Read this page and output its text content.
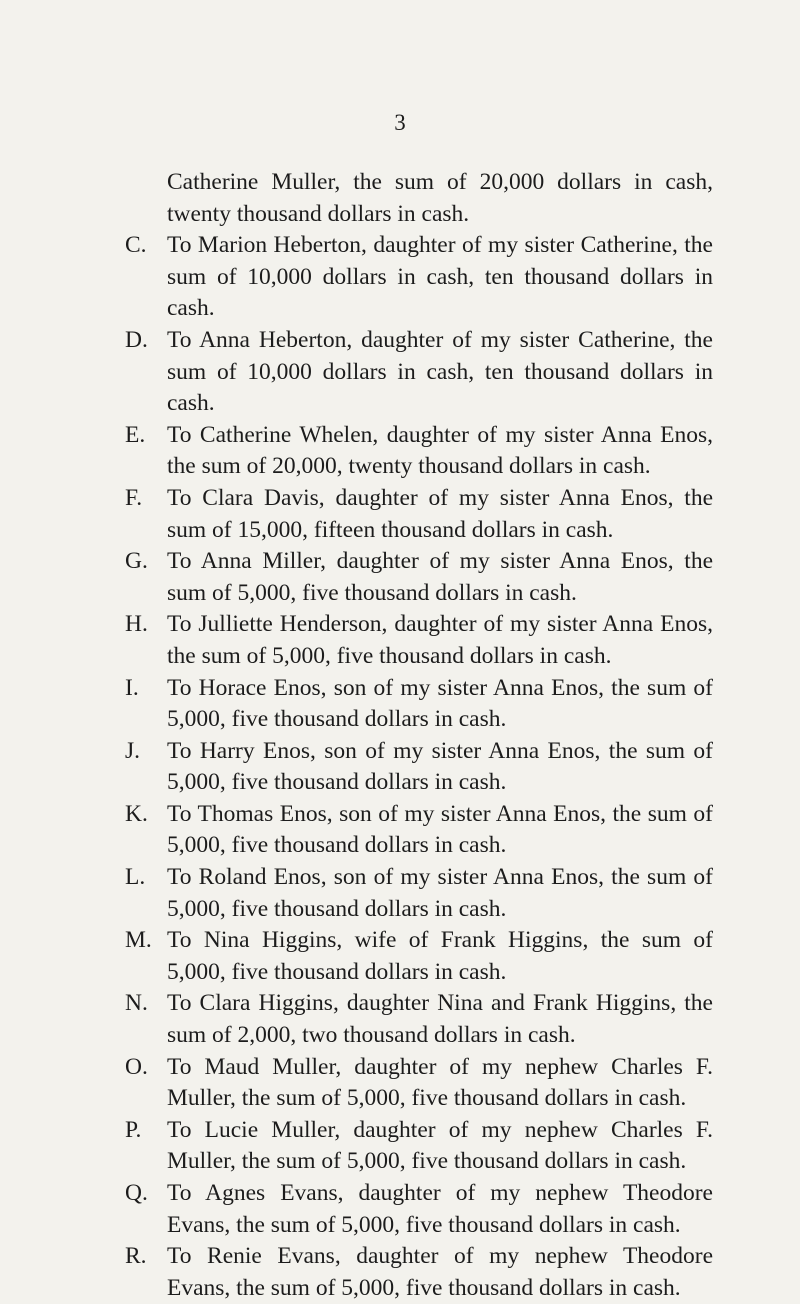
3

Catherine Muller, the sum of 20,000 dollars in cash, twenty thousand dollars in cash.

C. To Marion Heberton, daughter of my sister Catherine, the sum of 10,000 dollars in cash, ten thousand dollars in cash.
D. To Anna Heberton, daughter of my sister Catherine, the sum of 10,000 dollars in cash, ten thousand dollars in cash.
E. To Catherine Whelen, daughter of my sister Anna Enos, the sum of 20,000, twenty thousand dollars in cash.
F.	To Clara Davis, daughter of my sister Anna Enos, the sum of 15,000, fifteen thousand dollars in cash.
G. To Anna Miller, daughter of my sister Anna Enos, the sum of 5,000, five thousand dollars in cash.
H. To Julliette Henderson, daughter of my sister Anna Enos, the sum of 5,000, five thousand dollars in cash.
I.	To Horace Enos, son of my sister Anna Enos, the sum of 5,000, five thousand dollars in cash.
J.	To Harry Enos, son of my sister Anna Enos, the sum of 5,000, five thousand dollars in cash.
K. To Thomas Enos, son of my sister Anna Enos, the sum of 5,000, five thousand dollars in cash.
L. To Roland Enos, son of my sister Anna Enos, the sum of 5,000, five thousand dollars in cash.
M. To Nina Higgins, wife of Frank Higgins, the sum of 5,000, five thousand dollars in cash.
N. To Clara Higgins, daughter Nina and Frank Higgins, the sum of 2,000, two thousand dollars in cash.
O. To Maud Muller, daughter of my nephew Charles F. Muller, the sum of 5,000, five thousand dollars in cash.
P.	To Lucie Muller, daughter of my nephew Charles F. Muller, the sum of 5,000, five thousand dollars in cash.
Q. To Agnes Evans, daughter of my nephew Theodore Evans, the sum of 5,000, five thousand dollars in cash.
R. To Renie Evans, daughter of my nephew Theodore Evans, the sum of 5,000, five thousand dollars in cash.
